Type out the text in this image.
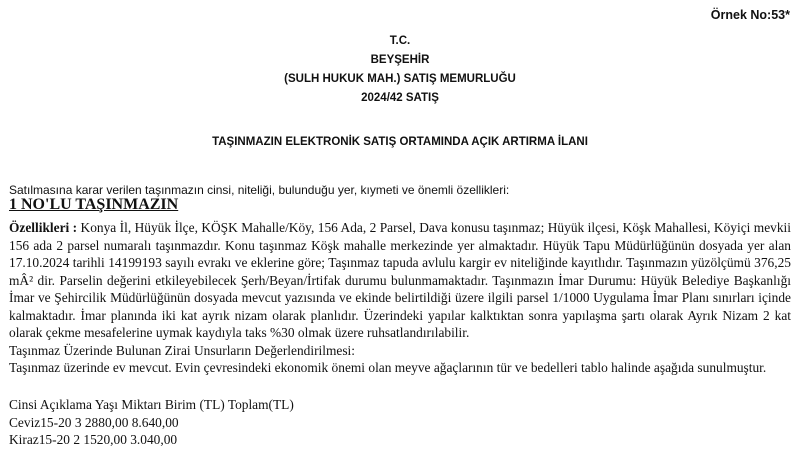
Örnek No:53*
T.C.
BEYŞEHİR
(SULH HUKUK MAH.) SATIŞ MEMURLUĞU
2024/42 SATIŞ
TAŞINMAZIN ELEKTRONİK SATIŞ ORTAMINDA AÇIK ARTIRMA İLANI
Satılmasına karar verilen taşınmazın cinsi, niteliği, bulunduğu yer, kıymeti ve önemli özellikleri:
1 NO'LU TAŞINMAZIN
Özellikleri : Konya İl, Hüyük İlçe, KÖŞK Mahalle/Köy, 156 Ada, 2 Parsel, Dava konusu taşınmaz; Hüyük ilçesi, Köşk Mahallesi, Köyiçi mevkii 156 ada 2 parsel numaralı taşınmazdır. Konu taşınmaz Köşk mahalle merkezinde yer almaktadır. Hüyük Tapu Müdürlüğünün dosyada yer alan 17.10.2024 tarihli 14199193 sayılı evrakı ve eklerine göre; Taşınmaz tapuda avlulu kargir ev niteliğinde kayıtlıdır. Taşınmazın yüzölçümü 376,25 mÂ² dir. Parselin değerini etkileyebilecek Şerh/Beyan/İrtifak durumu bulunmamaktadır. Taşınmazın İmar Durumu: Hüyük Belediye Başkanlığı İmar ve Şehircilik Müdürlüğünün dosyada mevcut yazısında ve ekinde belirtildiği üzere ilgili parsel 1/1000 Uygulama İmar Planı sınırları içinde kalmaktadır. İmar planında iki kat ayrık nizam olarak planlıdır. Üzerindeki yapılar kalktıktan sonra yapılaşma şartı olarak Ayrık Nizam 2 kat olarak çekme mesafelerine uymak kaydıyla taks %30 olmak üzere ruhsatlandırılabilir.
Taşınmaz Üzerinde Bulunan Zirai Unsurların Değerlendirilmesi:
Taşınmaz üzerinde ev mevcut. Evin çevresindeki ekonomik önemi olan meyve ağaçlarının tür ve bedelleri tablo halinde aşağıda sunulmuştur.
Cinsi Açıklama Yaşı Miktarı Birim (TL) Toplam(TL)
Ceviz15-20 3 2880,00 8.640,00
Kiraz15-20 2 1520,00 3.040,00
